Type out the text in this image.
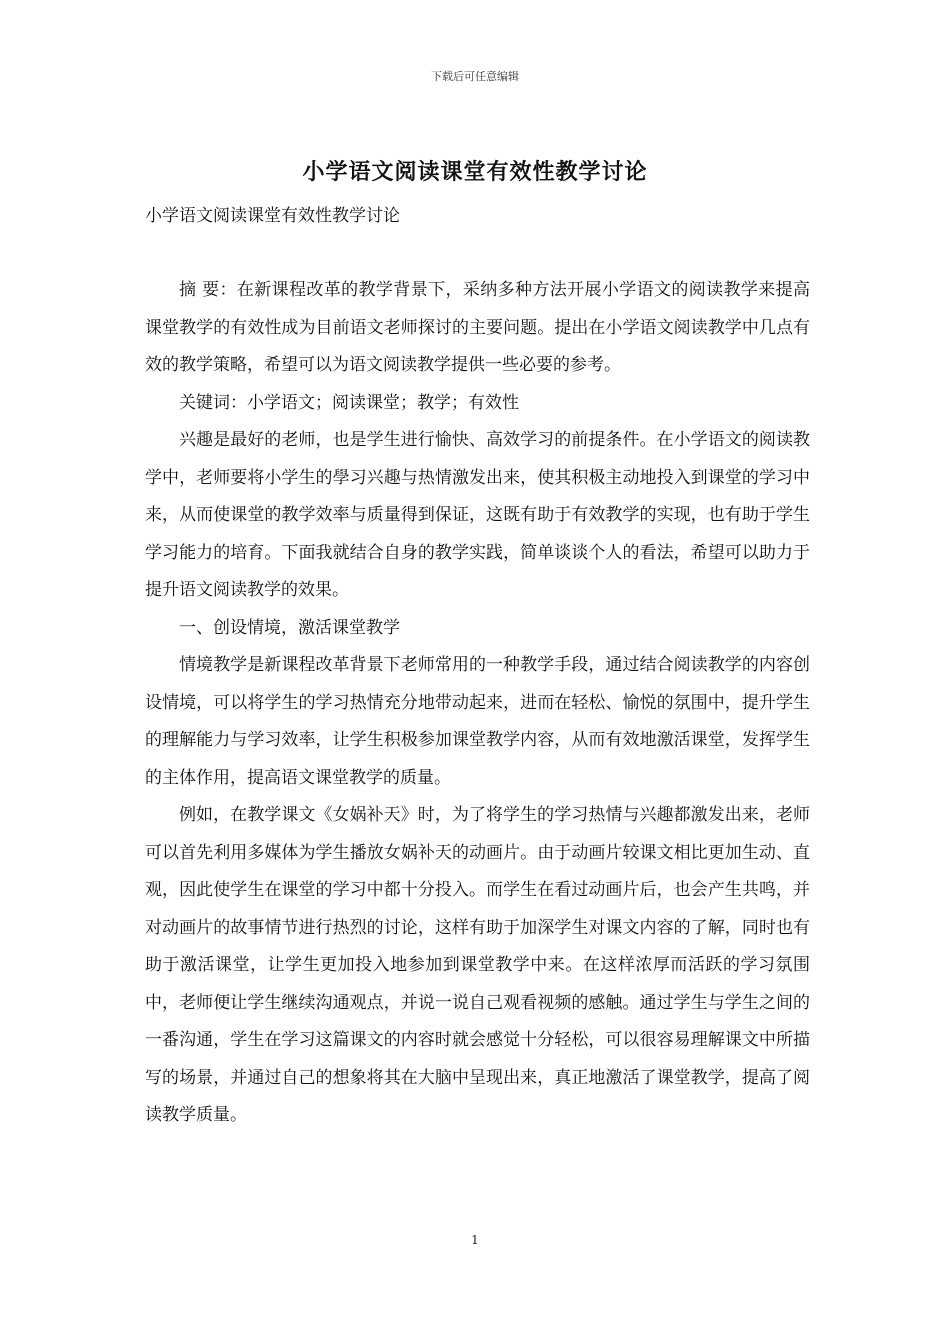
下载后可任意编辑
小学语文阅读课堂有效性教学讨论
小学语文阅读课堂有效性教学讨论

摘 要：在新课程改革的教学背景下，采纳多种方法开展小学语文的阅读教学来提高课堂教学的有效性成为目前语文老师探讨的主要问题。提出在小学语文阅读教学中几点有效的教学策略，希望可以为语文阅读教学提供一些必要的参考。

关键词：小学语文；阅读课堂；教学；有效性

兴趣是最好的老师，也是学生进行愉快、高效学习的前提条件。在小学语文的阅读教学中，老师要将小学生的學习兴趣与热情激发出来，使其积极主动地投入到课堂的学习中来，从而使课堂的教学效率与质量得到保证，这既有助于有效教学的实现，也有助于学生学习能力的培育。下面我就结合自身的教学实践，简单谈谈个人的看法，希望可以助力于提升语文阅读教学的效果。

一、创设情境，激活课堂教学

情境教学是新课程改革背景下老师常用的一种教学手段，通过结合阅读教学的内容创设情境，可以将学生的学习热情充分地带动起来，进而在轻松、愉悦的氛围中，提升学生的理解能力与学习效率，让学生积极参加课堂教学内容，从而有效地激活课堂，发挥学生的主体作用，提高语文课堂教学的质量。

例如，在教学课文《女娲补天》时，为了将学生的学习热情与兴趣都激发出来，老师可以首先利用多媒体为学生播放女娲补天的动画片。由于动画片较课文相比更加生动、直观，因此使学生在课堂的学习中都十分投入。而学生在看过动画片后，也会产生共鸣，并对动画片的故事情节进行热烈的讨论，这样有助于加深学生对课文内容的了解，同时也有助于激活课堂，让学生更加投入地参加到课堂教学中来。在这样浓厚而活跃的学习氛围中，老师便让学生继续沟通观点，并说一说自己观看视频的感触。通过学生与学生之间的一番沟通，学生在学习这篇课文的内容时就会感觉十分轻松，可以很容易理解课文中所描写的场景，并通过自己的想象将其在大脑中呈现出来，真正地激活了课堂教学，提高了阅读教学质量。

1
